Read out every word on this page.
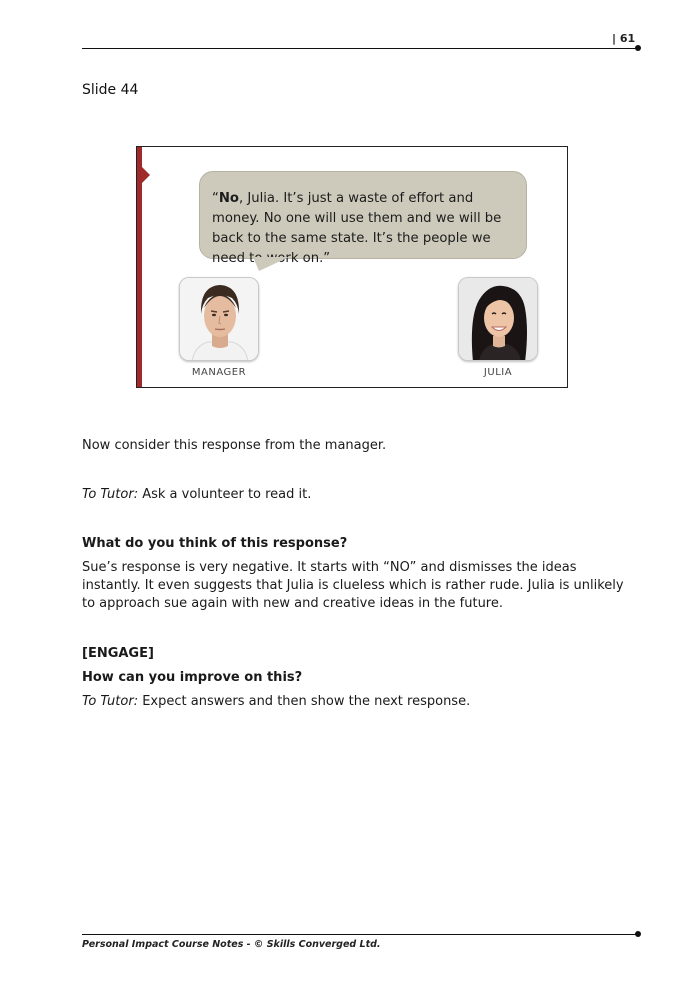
| 61
Slide 44
“No, Julia. It’s just a waste of effort and money. No one will use them and we will be back to the same state. It’s the people we need to work on.”
MANAGER	JULIA
Now consider this response from the manager.
To Tutor: Ask a volunteer to read it.
What do you think of this response?
Sue’s response is very negative. It starts with “NO” and dismisses the ideas instantly. It even suggests that Julia is clueless which is rather rude. Julia is unlikely to approach sue again with new and creative ideas in the future.
[ENGAGE]
How can you improve on this?
To Tutor: Expect answers and then show the next response.
Personal Impact Course Notes - © Skills Converged Ltd.
